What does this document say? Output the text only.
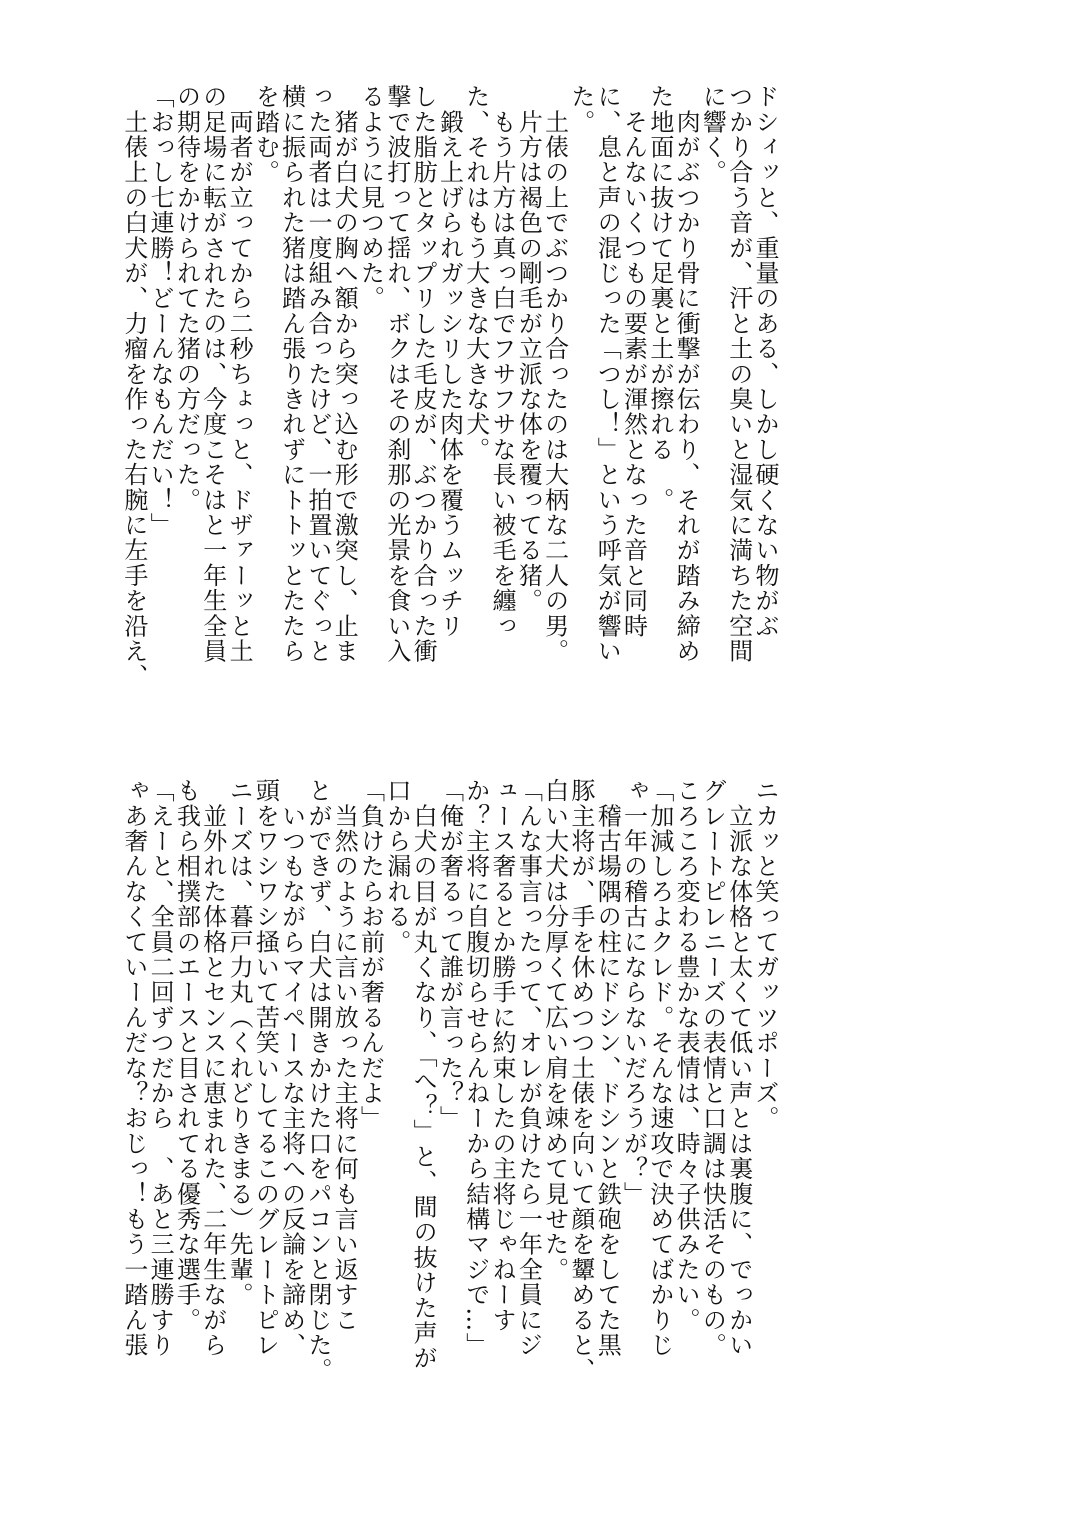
ドシィッと、重量のある、しかし硬くない物がぶ
つかり合う音が、汗と土の臭いと湿気に満ちた空間
に響く。
　肉がぶつかり骨に衝撃が伝わり、それが踏み締め
た地面に抜けて足裏と土が擦れる　。
　そんないくつもの要素が渾然となった音と同時
に、息と声の混じった「つし！」という呼気が響い
た。
　土俵の上でぶつかり合ったのは大柄な二人の男。
　片方は褐色の剛毛が立派な体を覆ってる猪。
　もう片方は真っ白でフサフサな長い被毛を纏っ
た、それはもう大きな大きな犬。
　鍛え上げられガッシリした肉体を覆うムッチリ
した脂肪とタップリした毛皮が、ぶつかり合った衝
撃で波打って揺れ、ボクはその刹那の光景を食い入
るように見つめた。
　猪が白犬の胸へ額から突っ込む形で激突し、止ま
った両者は一度組み合ったけど、一拍置いてぐっと
横に振られた猪は踏ん張りきれずにトトッとたたら
を踏む。
　両者が立ってから二秒ちょっと、ドザァーッと土
の足場に転がされたのは、今度こそはと一年生全員
の期待をかけられてた猪の方だった。
「おっし七連勝！どーんなもんだい！」
　土俵上の白犬が、力瘤を作った右腕に左手を沿え、
ニカッと笑ってガッツポーズ。
　立派な体格と太くて低い声とは裏腹に、でっかい
グレートピレニーズの表情と口調は快活そのもの。
ころころ変わる豊かな表情は、時々子供みたい。
「加減しろよクレド。そんな速攻で決めてばかりじ
ゃ一年の稽古にならないだろうが？」
　稽古場隅の柱にドシン、ドシンと鉄砲をしてた黒
豚主将が、手を休めつつ土俵を向いて顔を顰めると、
白い大犬は分厚くて広い肩を竦めて見せた。
「んな事言ったって、オレが負けたら一年全員にジ
ュース奢るとか勝手に約束したの主将じゃねーす
か？主将に自腹切らせらんねーから結構マジで…」
「俺が奢るって誰が言った？」
　白犬の目が丸くなり、「へ？」と、間の抜けた声が
口から漏れる。
「負けたらお前が奢るんだよ」
　当然のように言い放った主将に何も言い返すこ
とができず、白犬は開きかけた口をパコンと閉じた。
　いつもながらマイペースな主将への反論を諦め、
頭をワシワシ掻いて苦笑いしてるこのグレートピレ
ニーズは、暮戸力丸（くれどりきまる）先輩。
　並外れた体格とセンスに恵まれた、二年生ながら
も我ら相撲部のエースと目されてる優秀な選手。
「えーと、全員二回ずつだから　、あと三連勝すり
ゃあ奢んなくていーんだな？おじっ！もう一踏ん張
